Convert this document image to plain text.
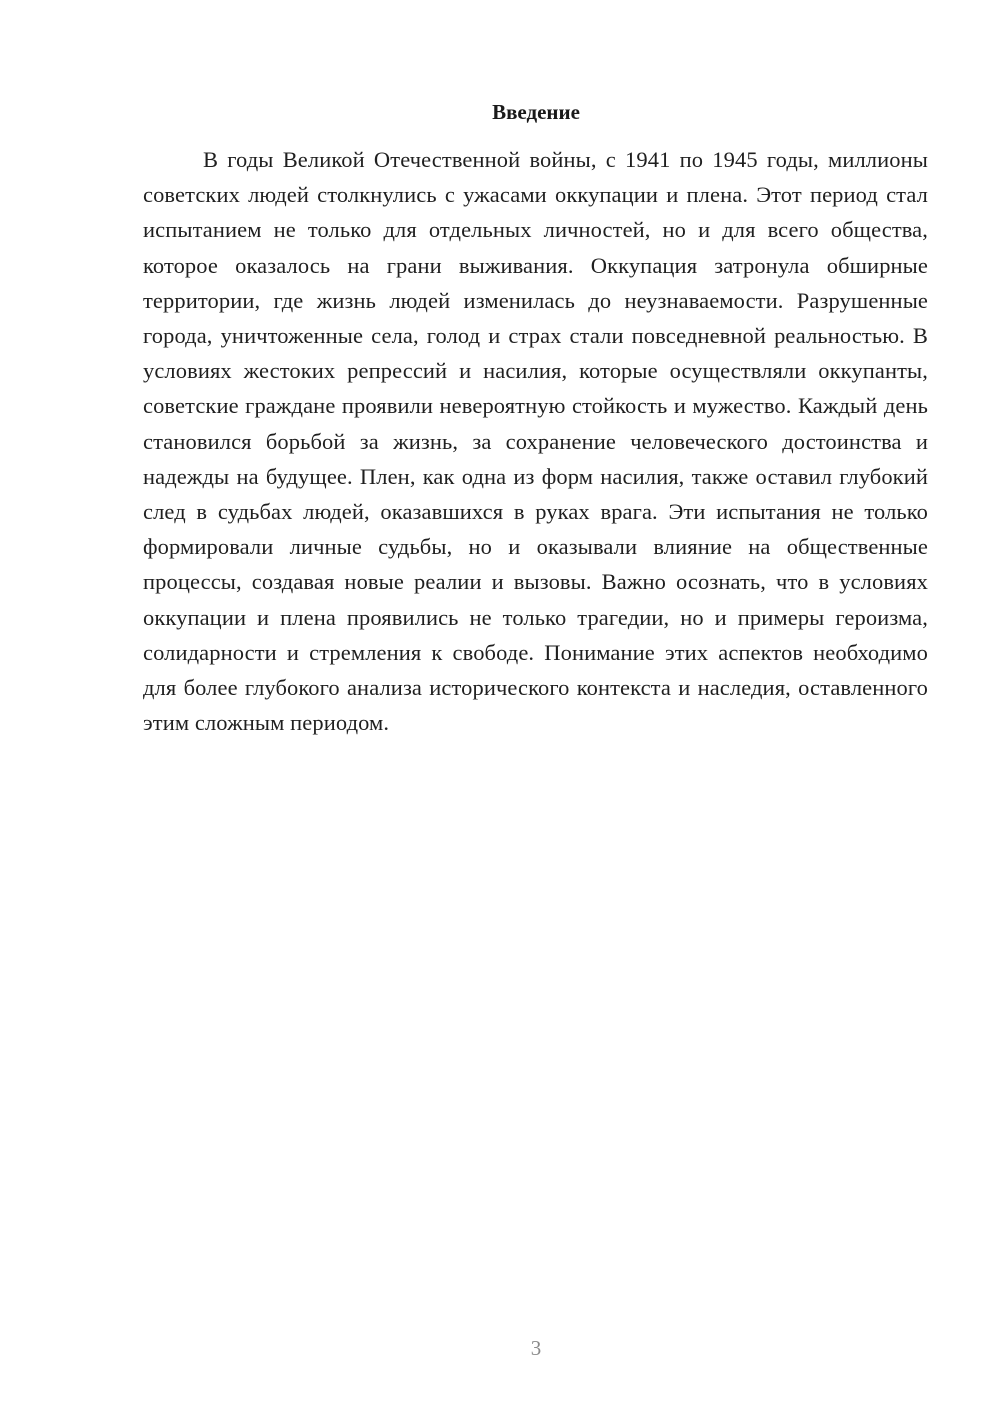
Введение

В годы Великой Отечественной войны, с 1941 по 1945 годы, миллионы советских людей столкнулись с ужасами оккупации и плена. Этот период стал испытанием не только для отдельных личностей, но и для всего общества, которое оказалось на грани выживания. Оккупация затронула обширные территории, где жизнь людей изменилась до неузнаваемости. Разрушенные города, уничтоженные села, голод и страх стали повседневной реальностью. В условиях жестоких репрессий и насилия, которые осуществляли оккупанты, советские граждане проявили невероятную стойкость и мужество. Каждый день становился борьбой за жизнь, за сохранение человеческого достоинства и надежды на будущее. Плен, как одна из форм насилия, также оставил глубокий след в судьбах людей, оказавшихся в руках врага. Эти испытания не только формировали личные судьбы, но и оказывали влияние на общественные процессы, создавая новые реалии и вызовы. Важно осознать, что в условиях оккупации и плена проявились не только трагедии, но и примеры героизма, солидарности и стремления к свободе. Понимание этих аспектов необходимо для более глубокого анализа исторического контекста и наследия, оставленного этим сложным периодом.

3
